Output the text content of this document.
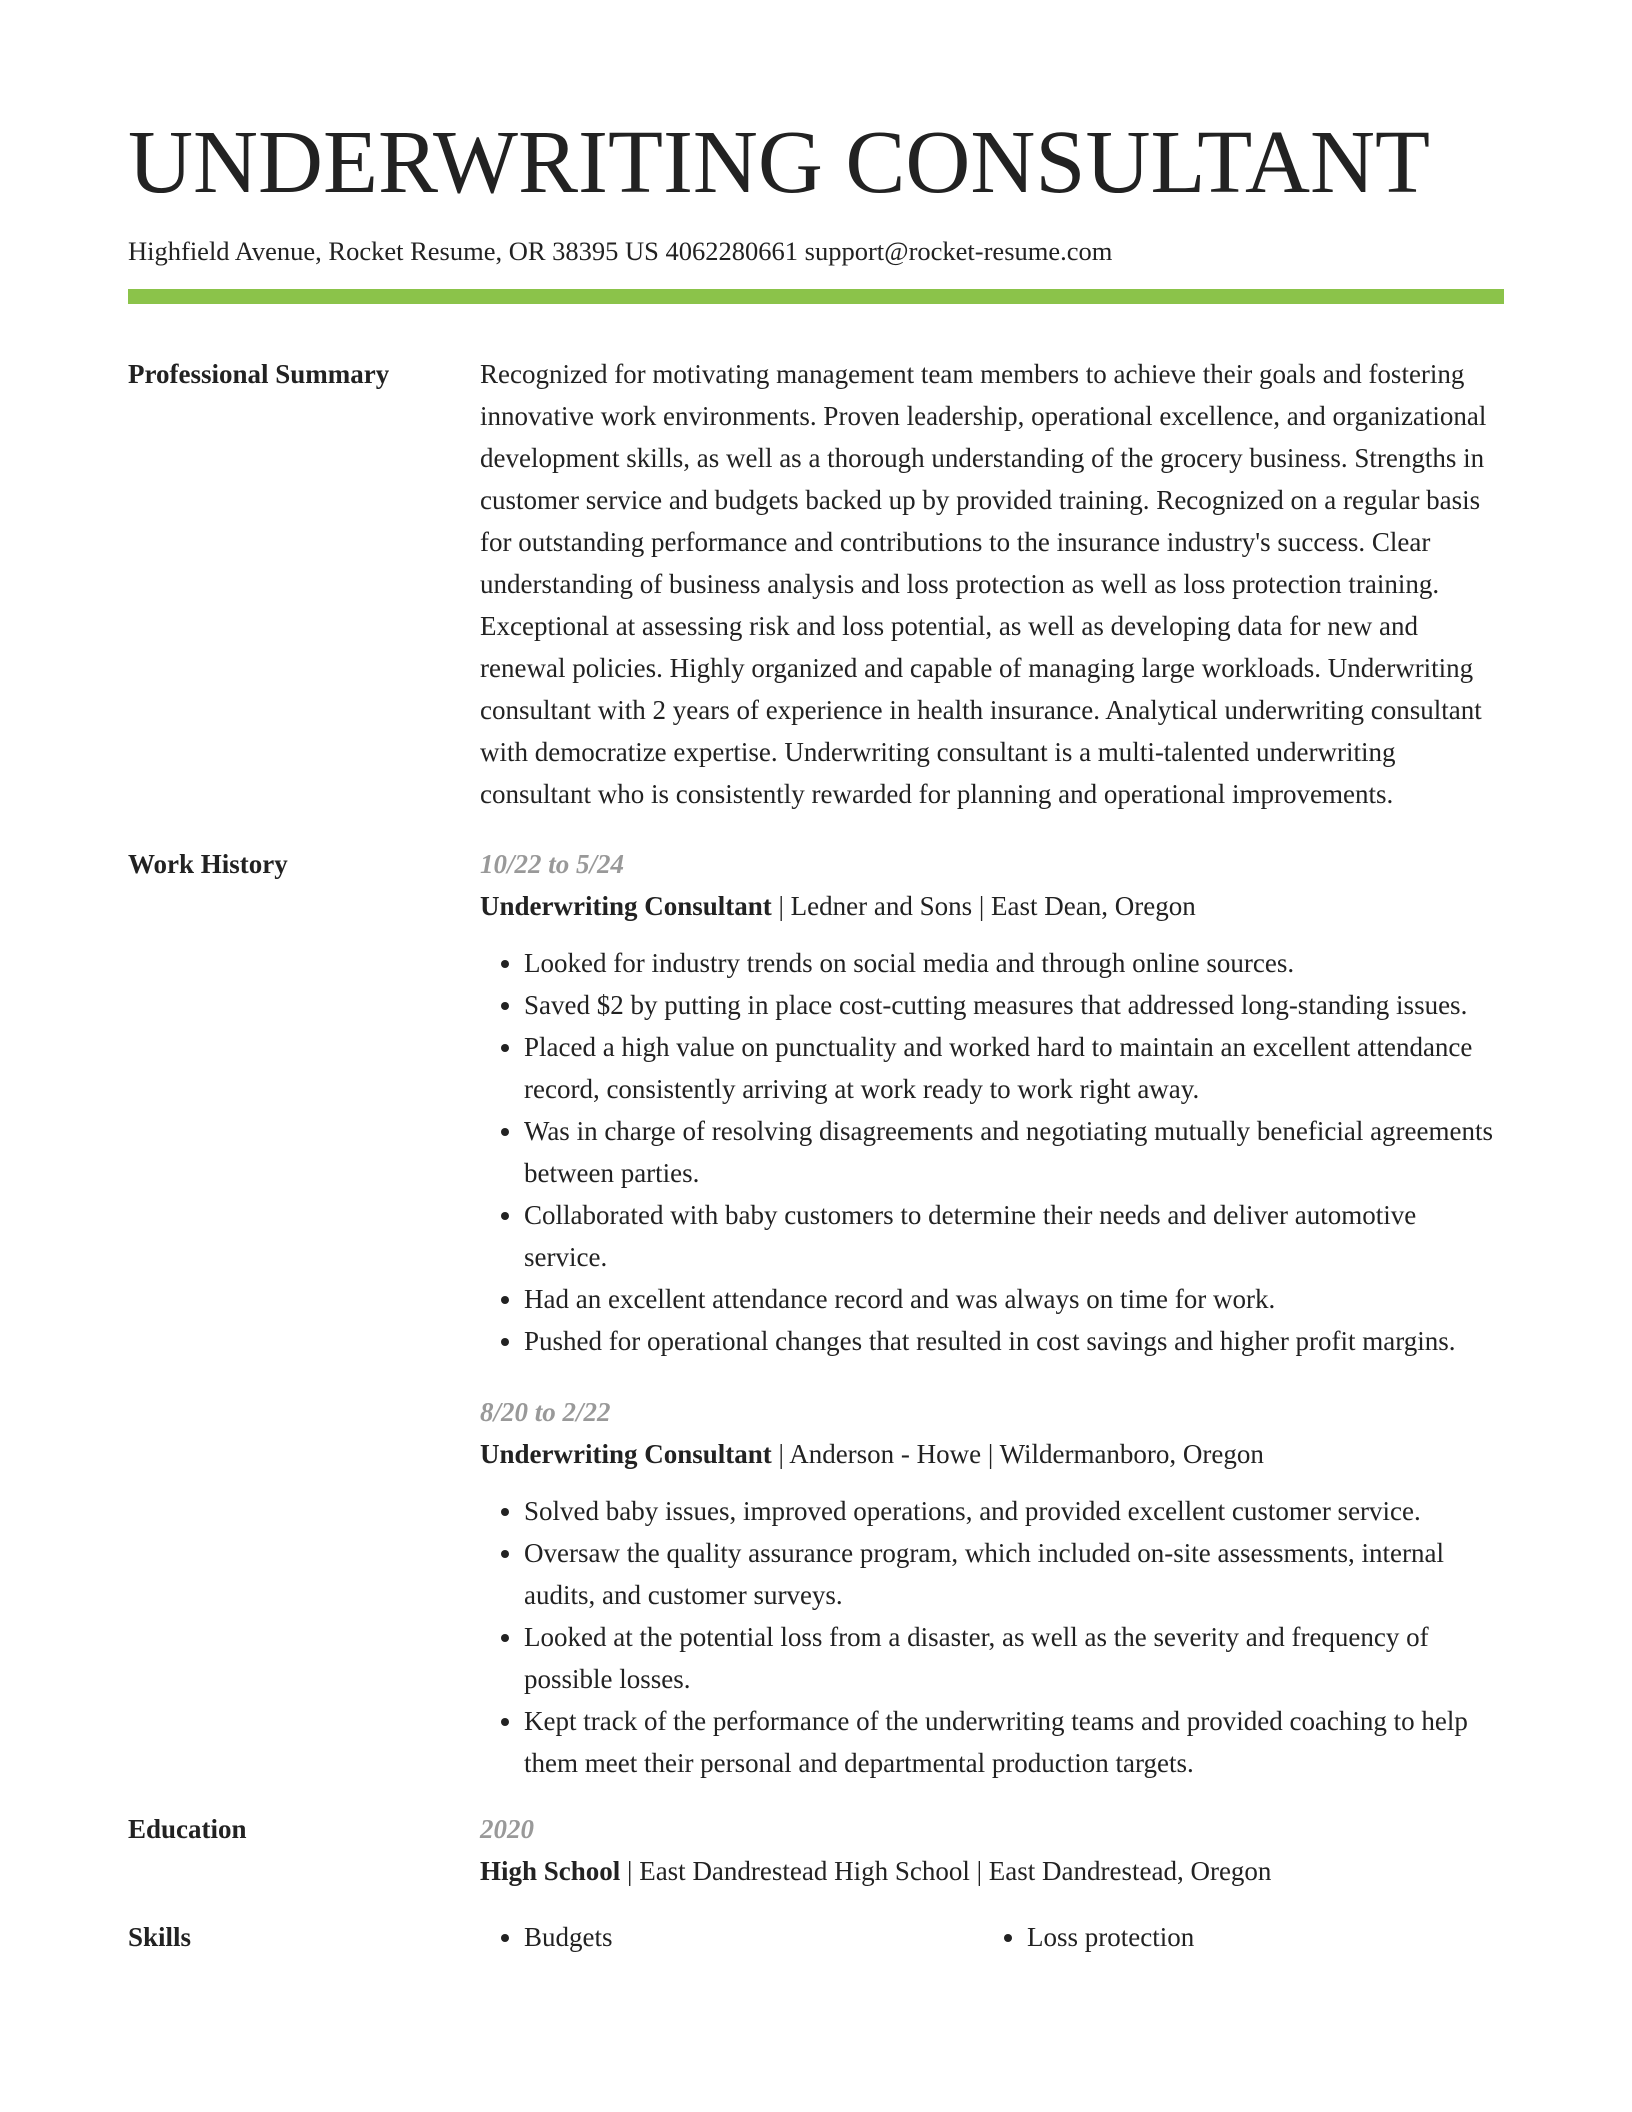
UNDERWRITING CONSULTANT
Highfield Avenue, Rocket Resume, OR 38395 US 4062280661 support@rocket-resume.com
Professional Summary	Recognized for motivating management team members to achieve their goals and fostering innovative work environments. Proven leadership, operational excellence, and organizational development skills, as well as a thorough understanding of the grocery business. Strengths in customer service and budgets backed up by provided training. Recognized on a regular basis for outstanding performance and contributions to the insurance industry's success. Clear understanding of business analysis and loss protection as well as loss protection training. Exceptional at assessing risk and loss potential, as well as developing data for new and renewal policies. Highly organized and capable of managing large workloads. Underwriting consultant with 2 years of experience in health insurance. Analytical underwriting consultant with democratize expertise. Underwriting consultant is a multi-talented underwriting consultant who is consistently rewarded for planning and operational improvements.
Work History	10/22 to 5/24
Underwriting Consultant | Ledner and Sons | East Dean, Oregon
• Looked for industry trends on social media and through online sources.
• Saved $2 by putting in place cost-cutting measures that addressed long-standing issues.
• Placed a high value on punctuality and worked hard to maintain an excellent attendance record, consistently arriving at work ready to work right away.
• Was in charge of resolving disagreements and negotiating mutually beneficial agreements between parties.
• Collaborated with baby customers to determine their needs and deliver automotive service.
• Had an excellent attendance record and was always on time for work.
• Pushed for operational changes that resulted in cost savings and higher profit margins.
8/20 to 2/22
Underwriting Consultant | Anderson - Howe | Wildermanboro, Oregon
• Solved baby issues, improved operations, and provided excellent customer service.
• Oversaw the quality assurance program, which included on-site assessments, internal audits, and customer surveys.
• Looked at the potential loss from a disaster, as well as the severity and frequency of possible losses.
• Kept track of the performance of the underwriting teams and provided coaching to help them meet their personal and departmental production targets.
Education	2020
High School | East Dandrestead High School | East Dandrestead, Oregon
Skills	• Budgets	• Loss protection
